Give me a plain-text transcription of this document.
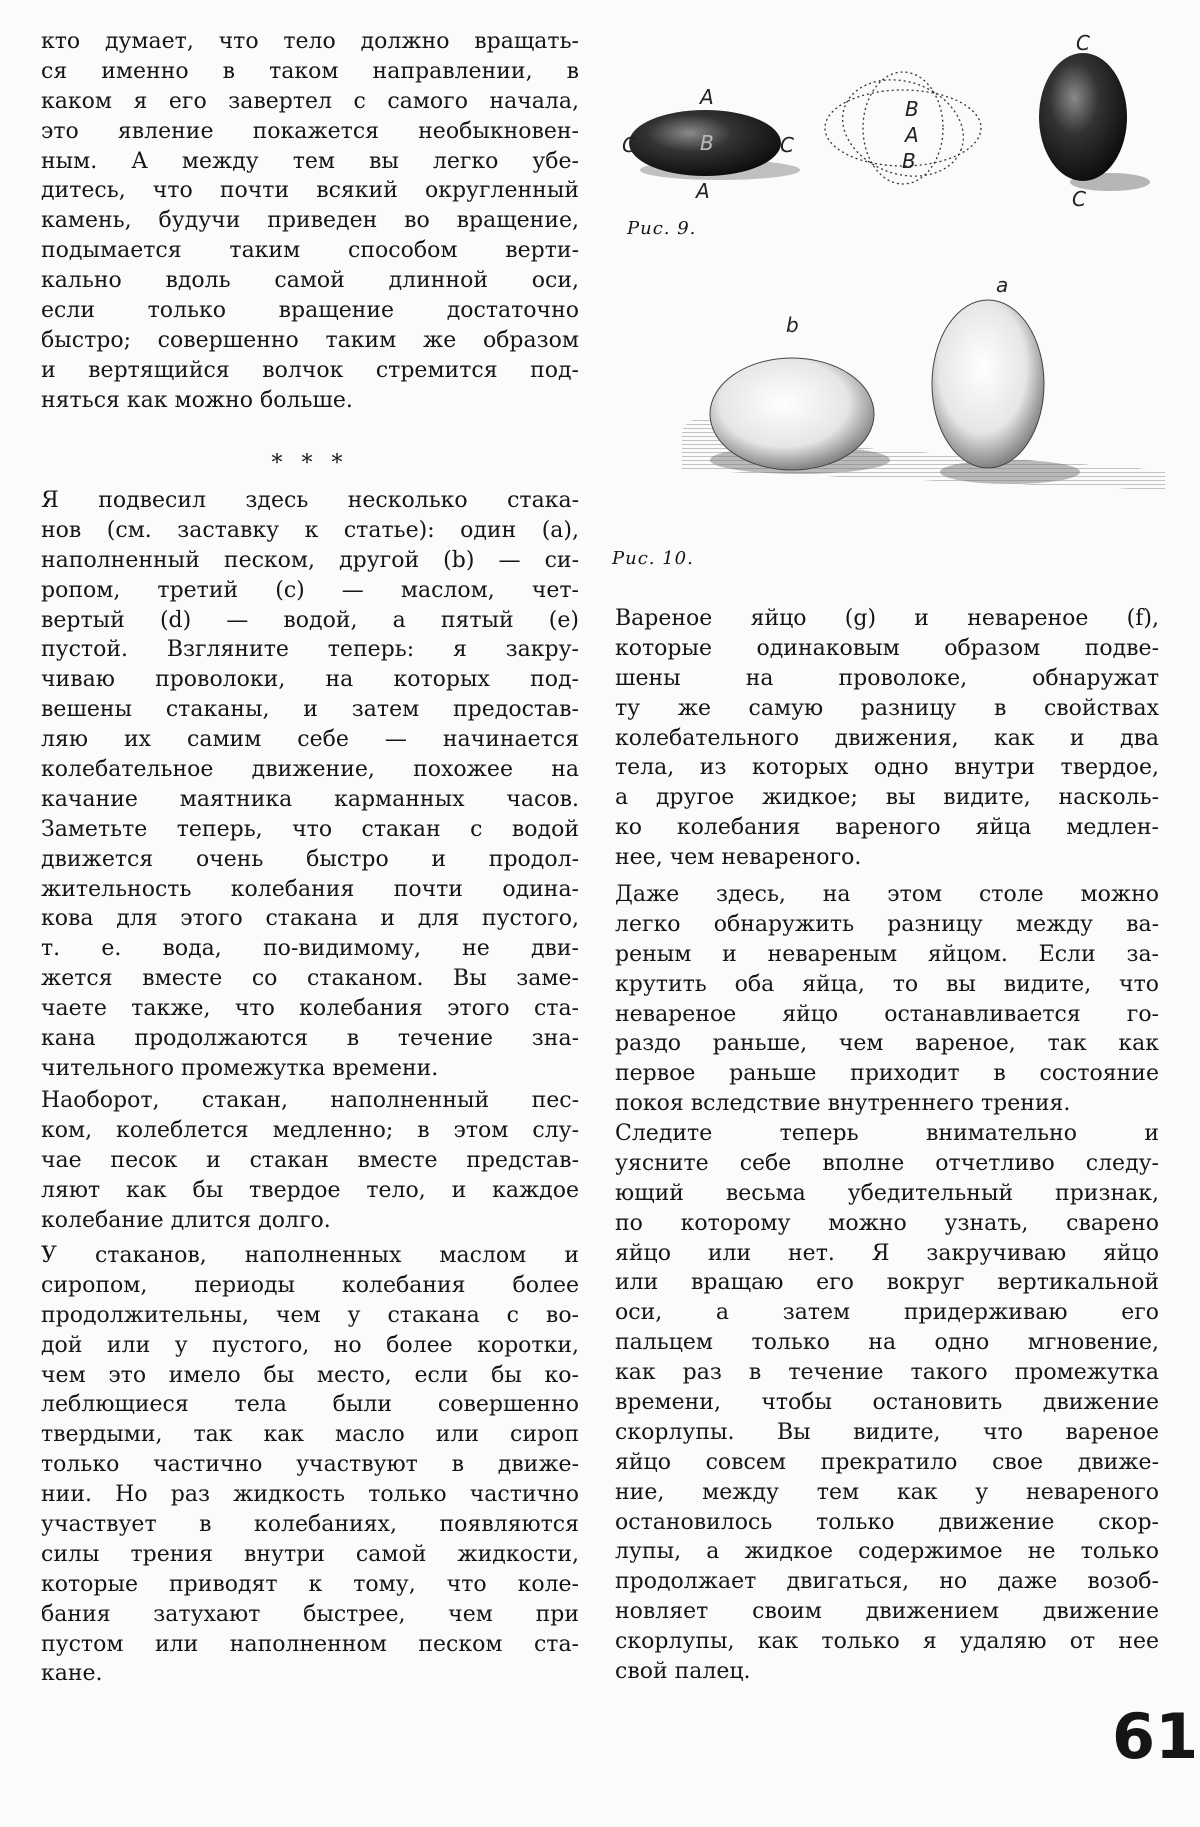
кто думает, что тело должно вращать-
ся именно в таком направлении, в
каком я его завертел с самого начала,
это явление покажется необыкновен-
ным. А между тем вы легко убе-
дитесь, что почти всякий округленный
камень, будучи приведен во вращение,
подымается таким способом верти-
кально вдоль самой длинной оси,
если только вращение достаточно
быстро; совершенно таким же образом
и вертящийся волчок стремится под-
няться как можно больше.
Я подвесил здесь несколько стака-
нов (см. заставку к статье): один (a),
наполненный песком, другой (b) — си-
ропом, третий (c) — маслом, чет-
вертый (d) — водой, а пятый (e)
пустой. Взгляните теперь: я закру-
чиваю проволоки, на которых под-
вешены стаканы, и затем предостав-
ляю их самим себе — начинается
колебательное движение, похожее на
качание маятника карманных часов.
Заметьте теперь, что стакан с водой
движется очень быстро и продол-
жительность колебания почти одина-
кова для этого стакана и для пустого,
т. е. вода, по-видимому, не дви-
жется вместе со стаканом. Вы заме-
чаете также, что колебания этого ста-
кана продолжаются в течение зна-
чительного промежутка времени.
Наоборот, стакан, наполненный пес-
ком, колеблется медленно; в этом слу-
чае песок и стакан вместе представ-
ляют как бы твердое тело, и каждое
колебание длится долго.
У стаканов, наполненных маслом и
сиропом, периоды колебания более
продолжительны, чем у стакана с во-
дой или у пустого, но более коротки,
чем это имело бы место, если бы ко-
леблющиеся тела были совершенно
твердыми, так как масло или сироп
только частично участвуют в движе-
нии. Но раз жидкость только частично
участвует в колебаниях, появляются
силы трения внутри самой жидкости,
которые приводят к тому, что коле-
бания затухают быстрее, чем при
пустом или наполненном песком ста-
кане.
* * *
Вареное яйцо (g) и невареное (f),
которые одинаковым образом подве-
шены на проволоке, обнаружат
ту же самую разницу в свойствах
колебательного движения, как и два
тела, из которых одно внутри твердое,
а другое жидкое; вы видите, насколь-
ко колебания вареного яйца медлен-
нее, чем невареного.
Даже здесь, на этом столе можно
легко обнаружить разницу между ва-
реным и невареным яйцом. Если за-
крутить оба яйца, то вы видите, что
невареное яйцо останавливается го-
раздо раньше, чем вареное, так как
первое раньше приходит в состояние
покоя вследствие внутреннего трения.
Следите теперь внимательно и
уясните себе вполне отчетливо следу-
ющий весьма убедительный признак,
по которому можно узнать, сварено
яйцо или нет. Я закручиваю яйцо
или вращаю его вокруг вертикальной
оси, а затем придерживаю его
пальцем только на одно мгновение,
как раз в течение такого промежутка
времени, чтобы остановить движение
скорлупы. Вы видите, что вареное
яйцо совсем прекратило свое движе-
ние, между тем как у невареного
остановилось только движение скор-
лупы, а жидкое содержимое не только
продолжает двигаться, но даже возоб-
новляет своим движением движение
скорлупы, как только я удаляю от нее
свой палец.
A
B
C	C
A
B
A
B
C
C
b
a
Рис. 9.
Рис. 10.
61
